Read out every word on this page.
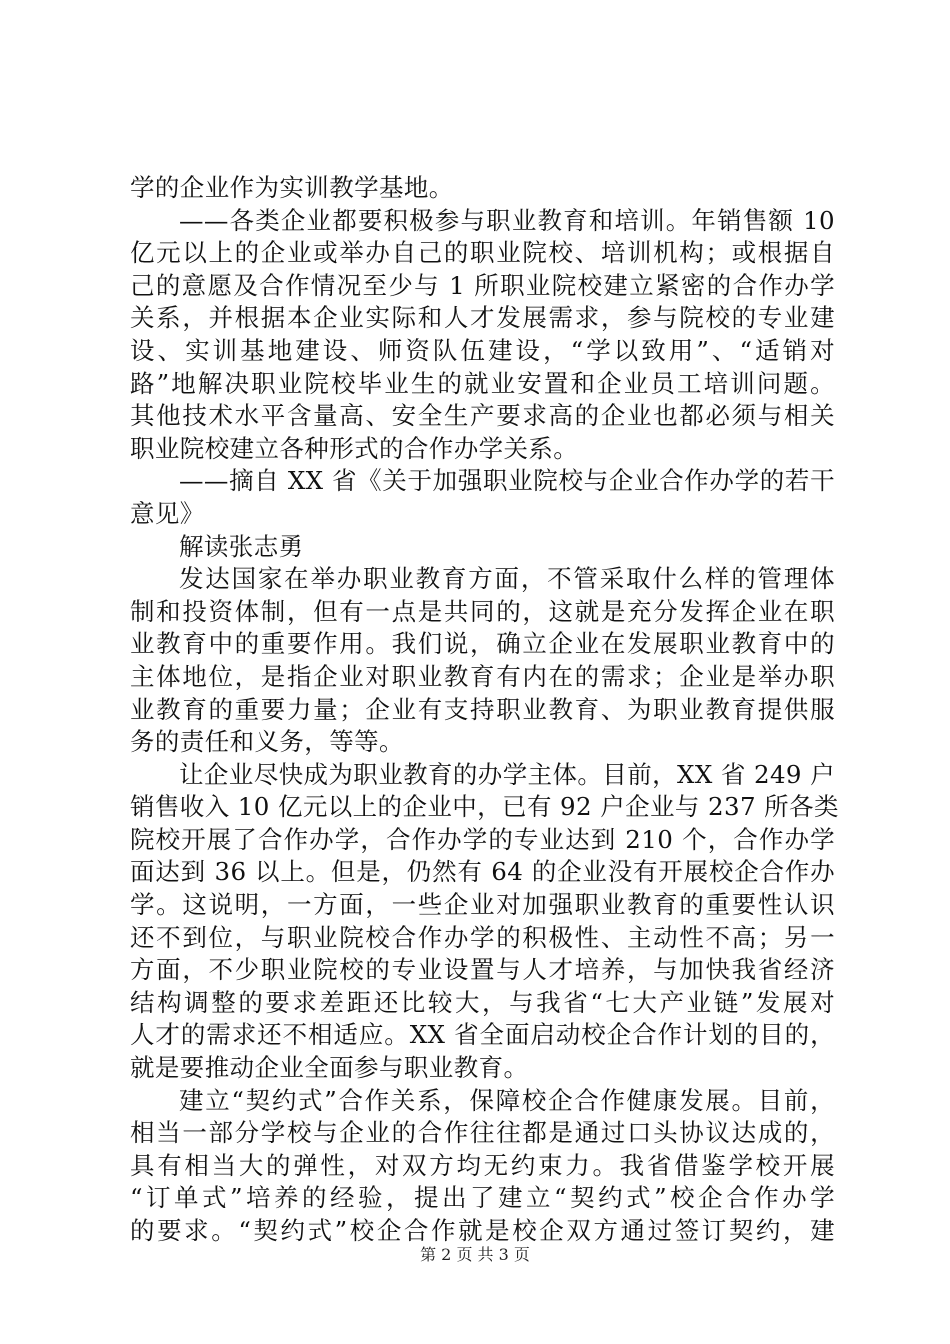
学的企业作为实训教学基地。
——各类企业都要积极参与职业教育和培训。年销售额 10
亿元以上的企业或举办自己的职业院校、培训机构；或根据自
己的意愿及合作情况至少与 1 所职业院校建立紧密的合作办学
关系，并根据本企业实际和人才发展需求，参与院校的专业建
设、实训基地建设、师资队伍建设，“学以致用”、“适销对
路”地解决职业院校毕业生的就业安置和企业员工培训问题。
其他技术水平含量高、安全生产要求高的企业也都必须与相关
职业院校建立各种形式的合作办学关系。
——摘自 XX 省《关于加强职业院校与企业合作办学的若干
意见》
解读张志勇
发达国家在举办职业教育方面，不管采取什么样的管理体
制和投资体制，但有一点是共同的，这就是充分发挥企业在职
业教育中的重要作用。我们说，确立企业在发展职业教育中的
主体地位，是指企业对职业教育有内在的需求；企业是举办职
业教育的重要力量；企业有支持职业教育、为职业教育提供服
务的责任和义务，等等。
让企业尽快成为职业教育的办学主体。目前，XX 省 249 户
销售收入 10 亿元以上的企业中，已有 92 户企业与 237 所各类
院校开展了合作办学，合作办学的专业达到 210 个，合作办学
面达到 36 以上。但是，仍然有 64 的企业没有开展校企合作办
学。这说明，一方面，一些企业对加强职业教育的重要性认识
还不到位，与职业院校合作办学的积极性、主动性不高；另一
方面，不少职业院校的专业设置与人才培养，与加快我省经济
结构调整的要求差距还比较大，与我省“七大产业链”发展对
人才的需求还不相适应。XX 省全面启动校企合作计划的目的，
就是要推动企业全面参与职业教育。
建立“契约式”合作关系，保障校企合作健康发展。目前，
相当一部分学校与企业的合作往往都是通过口头协议达成的，
具有相当大的弹性，对双方均无约束力。我省借鉴学校开展
“订单式”培养的经验，提出了建立“契约式”校企合作办学
的要求。“契约式”校企合作就是校企双方通过签订契约，建
第 2 页 共 3 页
